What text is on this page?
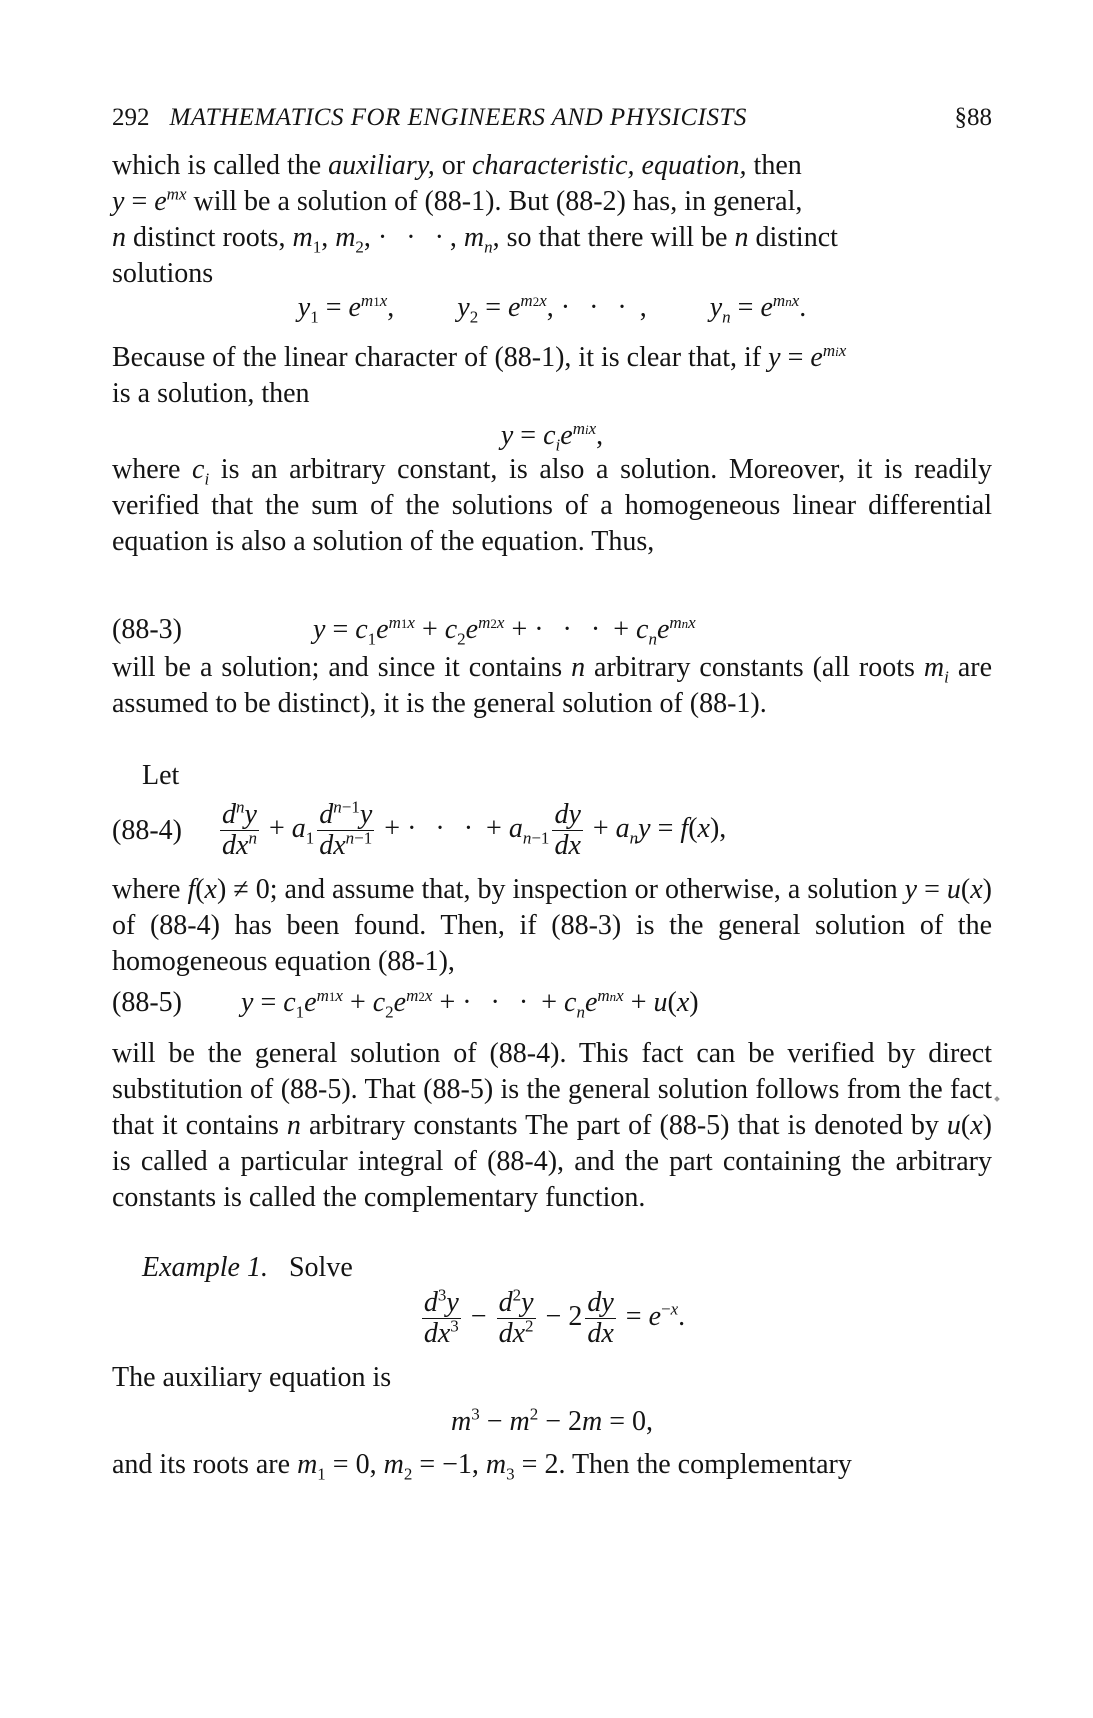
292 MATHEMATICS FOR ENGINEERS AND PHYSICISTS	§88

which is called the auxiliary, or characteristic, equation, then
$y = e^{mx}$ will be a solution of (88-1). But (88-2) has, in general,
n distinct roots, $m_1$, $m_2$, · · ·, $m_n$, so that there will be n distinct
solutions

$y_1 = e^{m1x}$,         $y_2 = e^{m2x}$, · · · ,         $y_n = e^{mnx}$.

Because of the linear character of (88-1), it is clear that, if $y = e^{mix}$
is a solution, then

$y = c_ie^{mix}$,

where $c_i$ is an arbitrary constant, is also a solution. Moreover, it is readily verified that the sum of the solutions of a homogeneous linear differential equation is also a solution of the equation. Thus,

(88-3)	$y = c_1e^{m1x} + c_2e^{m2x}$ + · · · + $c_ne^{mnx}$

will be a solution; and since it contains n arbitrary constants (all roots $m_i$ are assumed to be distinct), it is the general solution of (88-1).

Let

$(88-4) \frac{d^ny}{dx^n} + a_1 \frac{d^{n-1}y}{dx^{n-1}}$ + · · · + $a_{n-1} \frac{dy}{dx} + a_ny = f(x)$,

where f(x) ≠ 0; and assume that, by inspection or otherwise, a solution y = u(x) of (88-4) has been found. Then, if (88-3) is the general solution of the homogeneous equation (88-1),

(88-5) $y = c_1e^{m1x} + c_2e^{m2x}$ + · · · + $c_ne^{mnx} + u(x)$

will be the general solution of (88-4). This fact can be verified by direct substitution of (88-5). That (88-5) is the general solution follows from the fact that it contains n arbitrary constants The part of (88-5) that is denoted by u(x) is called a particular integral of (88-4), and the part containing the arbitrary constants is called the complementary function.

Example 1. Solve

$\frac{d^3y}{dx^3} - \frac{d^2y}{dx^2} - 2 \frac{dy}{dx} = e^{-x}$.

The auxiliary equation is

$m^3 - m^2 - 2m = 0$,

and its roots are $m_1 = 0$, $m_2 = -1$, $m_3 = 2$. Then the complementary
